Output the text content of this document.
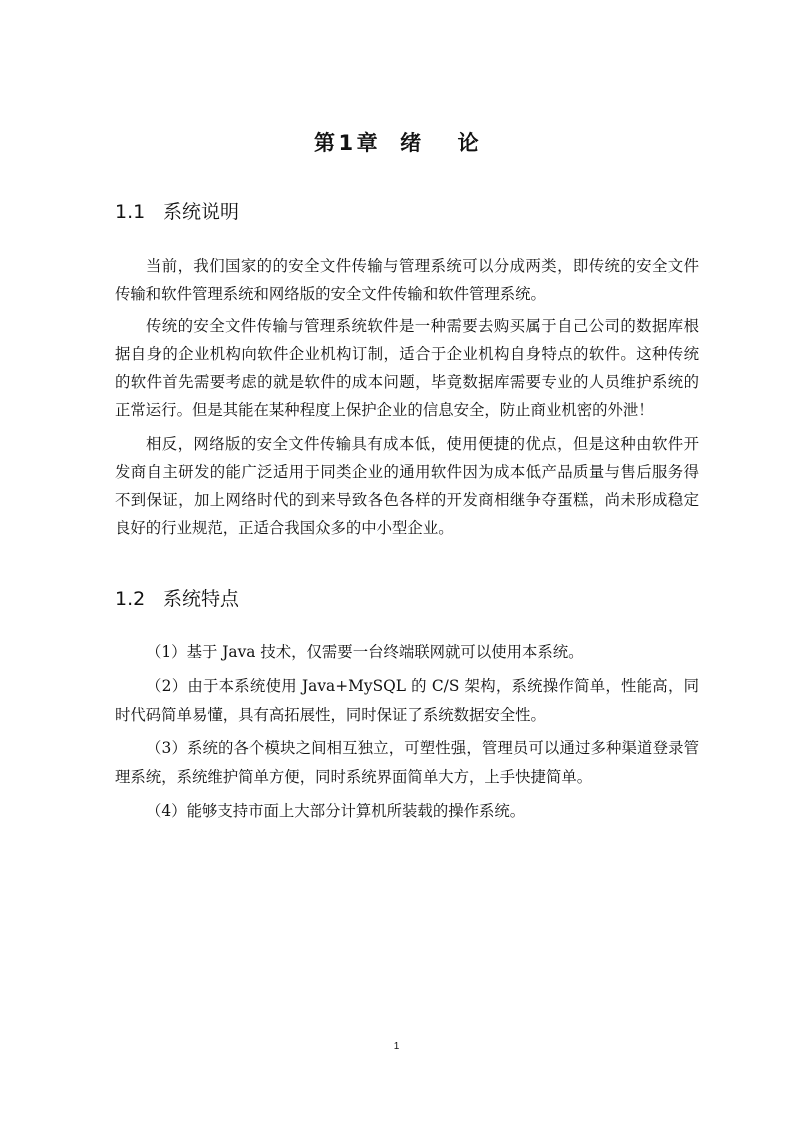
第 1 章 绪 论
1.1 系统说明

当前，我们国家的的安全文件传输与管理系统可以分成两类，即传统的安全文件传输和软件管理系统和网络版的安全文件传输和软件管理系统。

传统的安全文件传输与管理系统软件是一种需要去购买属于自己公司的数据库根据自身的企业机构向软件企业机构订制，适合于企业机构自身特点的软件。这种传统的软件首先需要考虑的就是软件的成本问题，毕竟数据库需要专业的人员维护系统的正常运行。但是其能在某种程度上保护企业的信息安全，防止商业机密的外泄！

相反，网络版的安全文件传输具有成本低，使用便捷的优点，但是这种由软件开发商自主研发的能广泛适用于同类企业的通用软件因为成本低产品质量与售后服务得不到保证，加上网络时代的到来导致各色各样的开发商相继争夺蛋糕，尚未形成稳定良好的行业规范，正适合我国众多的中小型企业。

1.2 系统特点

（1）基于 Java 技术，仅需要一台终端联网就可以使用本系统。

（2）由于本系统使用 Java+MySQL 的 C/S 架构，系统操作简单，性能高，同时代码简单易懂，具有高拓展性，同时保证了系统数据安全性。

（3）系统的各个模块之间相互独立，可塑性强，管理员可以通过多种渠道登录管理系统，系统维护简单方便，同时系统界面简单大方，上手快捷简单。

（4）能够支持市面上大部分计算机所装载的操作系统。

1
